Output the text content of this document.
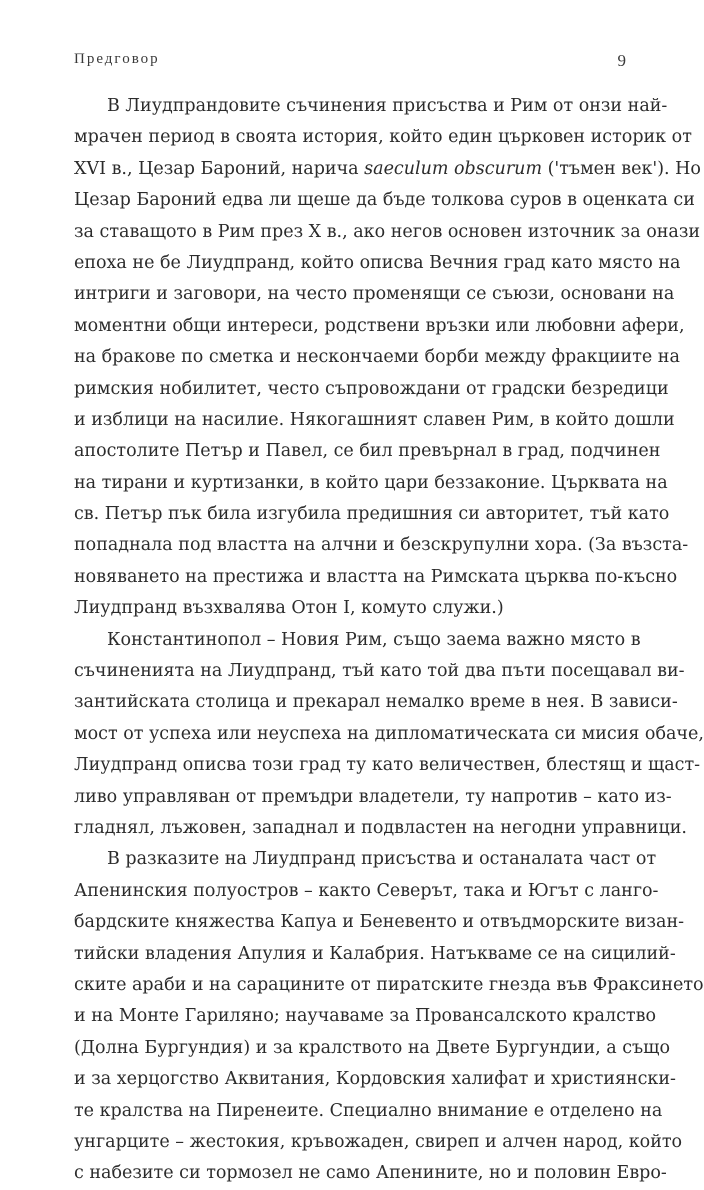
Предговор	9
В Лиудпрандовите съчинения присъства и Рим от онзи най-
мрачен период в своята история, който един църковен историк от
XVI в., Цезар Бароний, нарича saeculum obscurum ('тъмен век'). Но
Цезар Бароний едва ли щеше да бъде толкова суров в оценката си
за ставащото в Рим през X в., ако негов основен източник за онази
епоха не бе Лиудпранд, който описва Вечния град като място на
интриги и заговори, на често променящи се съюзи, основани на
моментни общи интереси, родствени връзки или любовни афери,
на бракове по сметка и нескончаеми борби между фракциите на
римския нобилитет, често съпровождани от градски безредици
и изблици на насилие. Някогашният славен Рим, в който дошли
апостолите Петър и Павел, се бил превърнал в град, подчинен
на тирани и куртизанки, в който цари беззаконие. Църквата на
св. Петър пък била изгубила предишния си авторитет, тъй като
попаднала под властта на алчни и безскрупулни хора. (За възста-
новяването на престижа и властта на Римската църква по-късно
Лиудпранд възхвалява Отон I, комуто служи.)
Константинопол – Новия Рим, също заема важно място в
съчиненията на Лиудпранд, тъй като той два пъти посещавал ви-
зантийската столица и прекарал немалко време в нея. В зависи-
мост от успеха или неуспеха на дипломатическата си мисия обаче,
Лиудпранд описва този град ту като величествен, блестящ и щаст-
ливо управляван от премъдри владетели, ту напротив – като из-
гладнял, лъжовен, западнал и подвластен на негодни управници.
В разказите на Лиудпранд присъства и останалата част от
Апенинския полуостров – както Северът, така и Югът с ланго-
бардските княжества Капуа и Беневенто и отвъдморските визан-
тийски владения Апулия и Калабрия. Натъкваме се на сицилий-
ските араби и на сарацините от пиратските гнезда във Фраксинето
и на Монте Гариляно; научаваме за Провансалското кралство
(Долна Бургундия) и за кралството на Двете Бургундии, а също
и за херцогство Аквитания, Кордовския халифат и християнски-
те кралства на Пиренеите. Специално внимание е отделено на
унгарците – жестокия, кръвожаден, свиреп и алчен народ, който
с набезите си тормозел не само Апенините, но и половин Евро-
